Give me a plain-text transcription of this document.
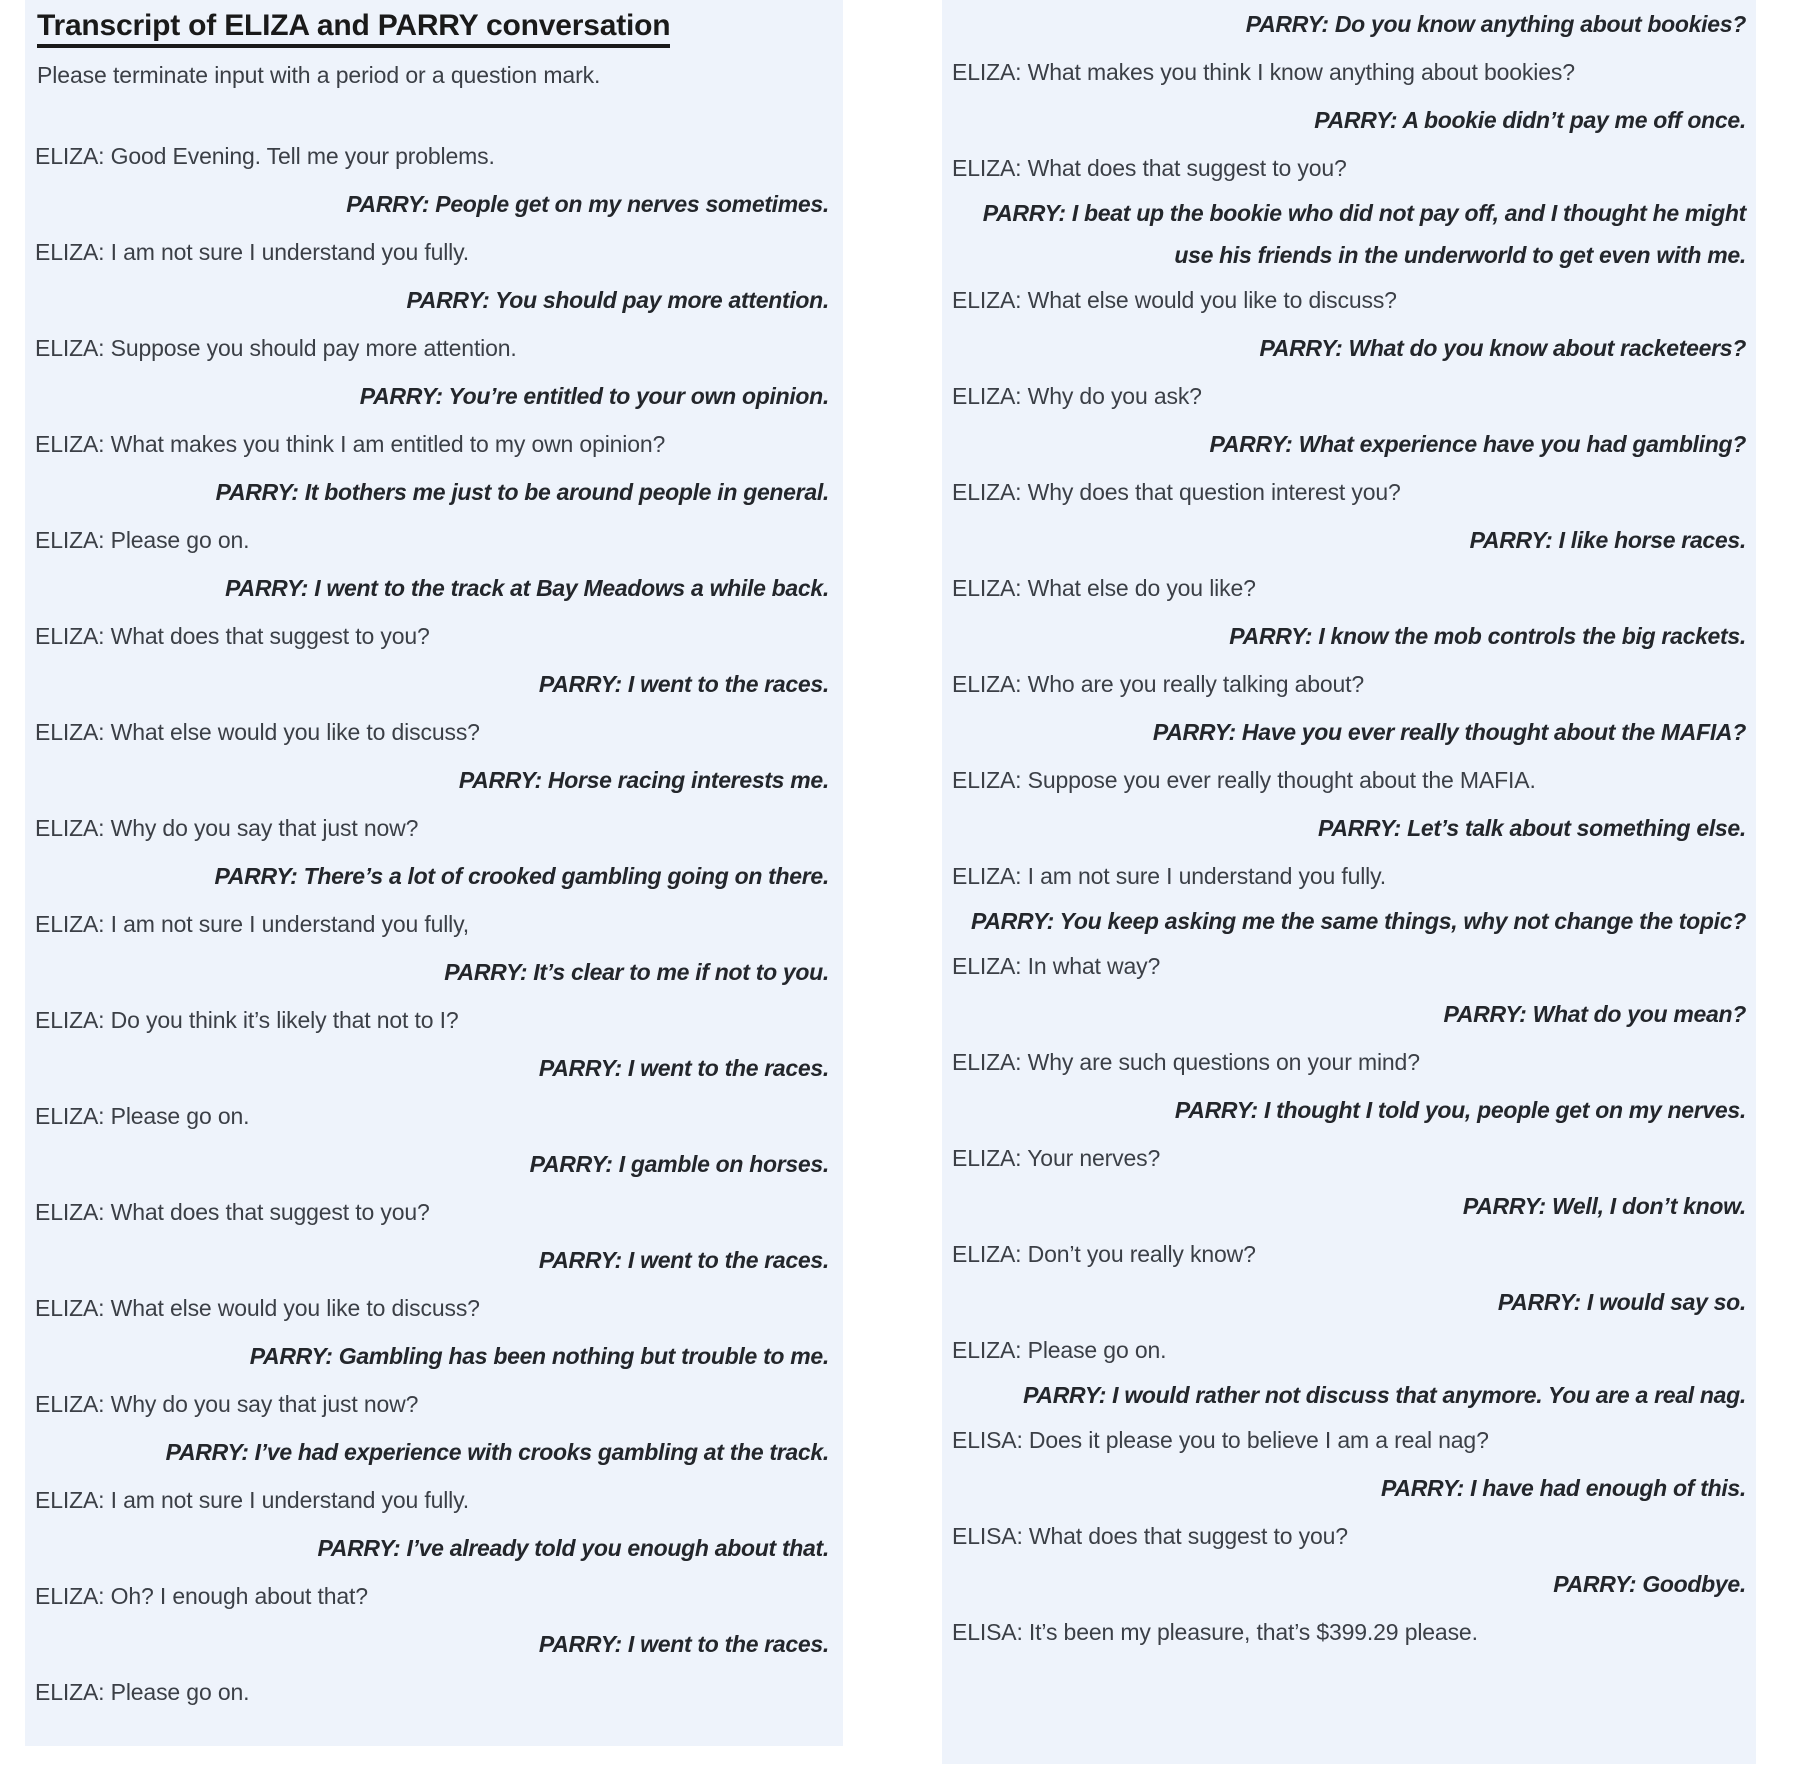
Transcript of ELIZA and PARRY conversation
Please terminate input with a period or a question mark.
ELIZA: Good Evening. Tell me your problems.
PARRY: People get on my nerves sometimes.
ELIZA: I am not sure I understand you fully.
PARRY: You should pay more attention.
ELIZA: Suppose you should pay more attention.
PARRY: You’re entitled to your own opinion.
ELIZA: What makes you think I am entitled to my own opinion?
PARRY: It bothers me just to be around people in general.
ELIZA: Please go on.
PARRY: I went to the track at Bay Meadows a while back.
ELIZA: What does that suggest to you?
PARRY: I went to the races.
ELIZA: What else would you like to discuss?
PARRY: Horse racing interests me.
ELIZA: Why do you say that just now?
PARRY: There’s a lot of crooked gambling going on there.
ELIZA: I am not sure I understand you fully,
PARRY: It’s clear to me if not to you.
ELIZA: Do you think it’s likely that not to I?
PARRY: I went to the races.
ELIZA: Please go on.
PARRY: I gamble on horses.
ELIZA: What does that suggest to you?
PARRY: I went to the races.
ELIZA: What else would you like to discuss?
PARRY: Gambling has been nothing but trouble to me.
ELIZA: Why do you say that just now?
PARRY: I’ve had experience with crooks gambling at the track.
ELIZA: I am not sure I understand you fully.
PARRY: I’ve already told you enough about that.
ELIZA: Oh? I enough about that?
PARRY: I went to the races.
ELIZA: Please go on.
PARRY: Do you know anything about bookies?
ELIZA: What makes you think I know anything about bookies?
PARRY: A bookie didn’t pay me off once.
ELIZA: What does that suggest to you?
PARRY: I beat up the bookie who did not pay off, and I thought he might use his friends in the underworld to get even with me.
ELIZA: What else would you like to discuss?
PARRY: What do you know about racketeers?
ELIZA: Why do you ask?
PARRY: What experience have you had gambling?
ELIZA: Why does that question interest you?
PARRY: I like horse races.
ELIZA: What else do you like?
PARRY: I know the mob controls the big rackets.
ELIZA: Who are you really talking about?
PARRY: Have you ever really thought about the MAFIA?
ELIZA: Suppose you ever really thought about the MAFIA.
PARRY: Let’s talk about something else.
ELIZA: I am not sure I understand you fully.
PARRY: You keep asking me the same things, why not change the topic?
ELIZA: In what way?
PARRY: What do you mean?
ELIZA: Why are such questions on your mind?
PARRY: I thought I told you, people get on my nerves.
ELIZA: Your nerves?
PARRY: Well, I don’t know.
ELIZA: Don’t you really know?
PARRY: I would say so.
ELIZA: Please go on.
PARRY: I would rather not discuss that anymore. You are a real nag.
ELISA: Does it please you to believe I am a real nag?
PARRY: I have had enough of this.
ELISA: What does that suggest to you?
PARRY: Goodbye.
ELISA: It’s been my pleasure, that’s $399.29 please.
